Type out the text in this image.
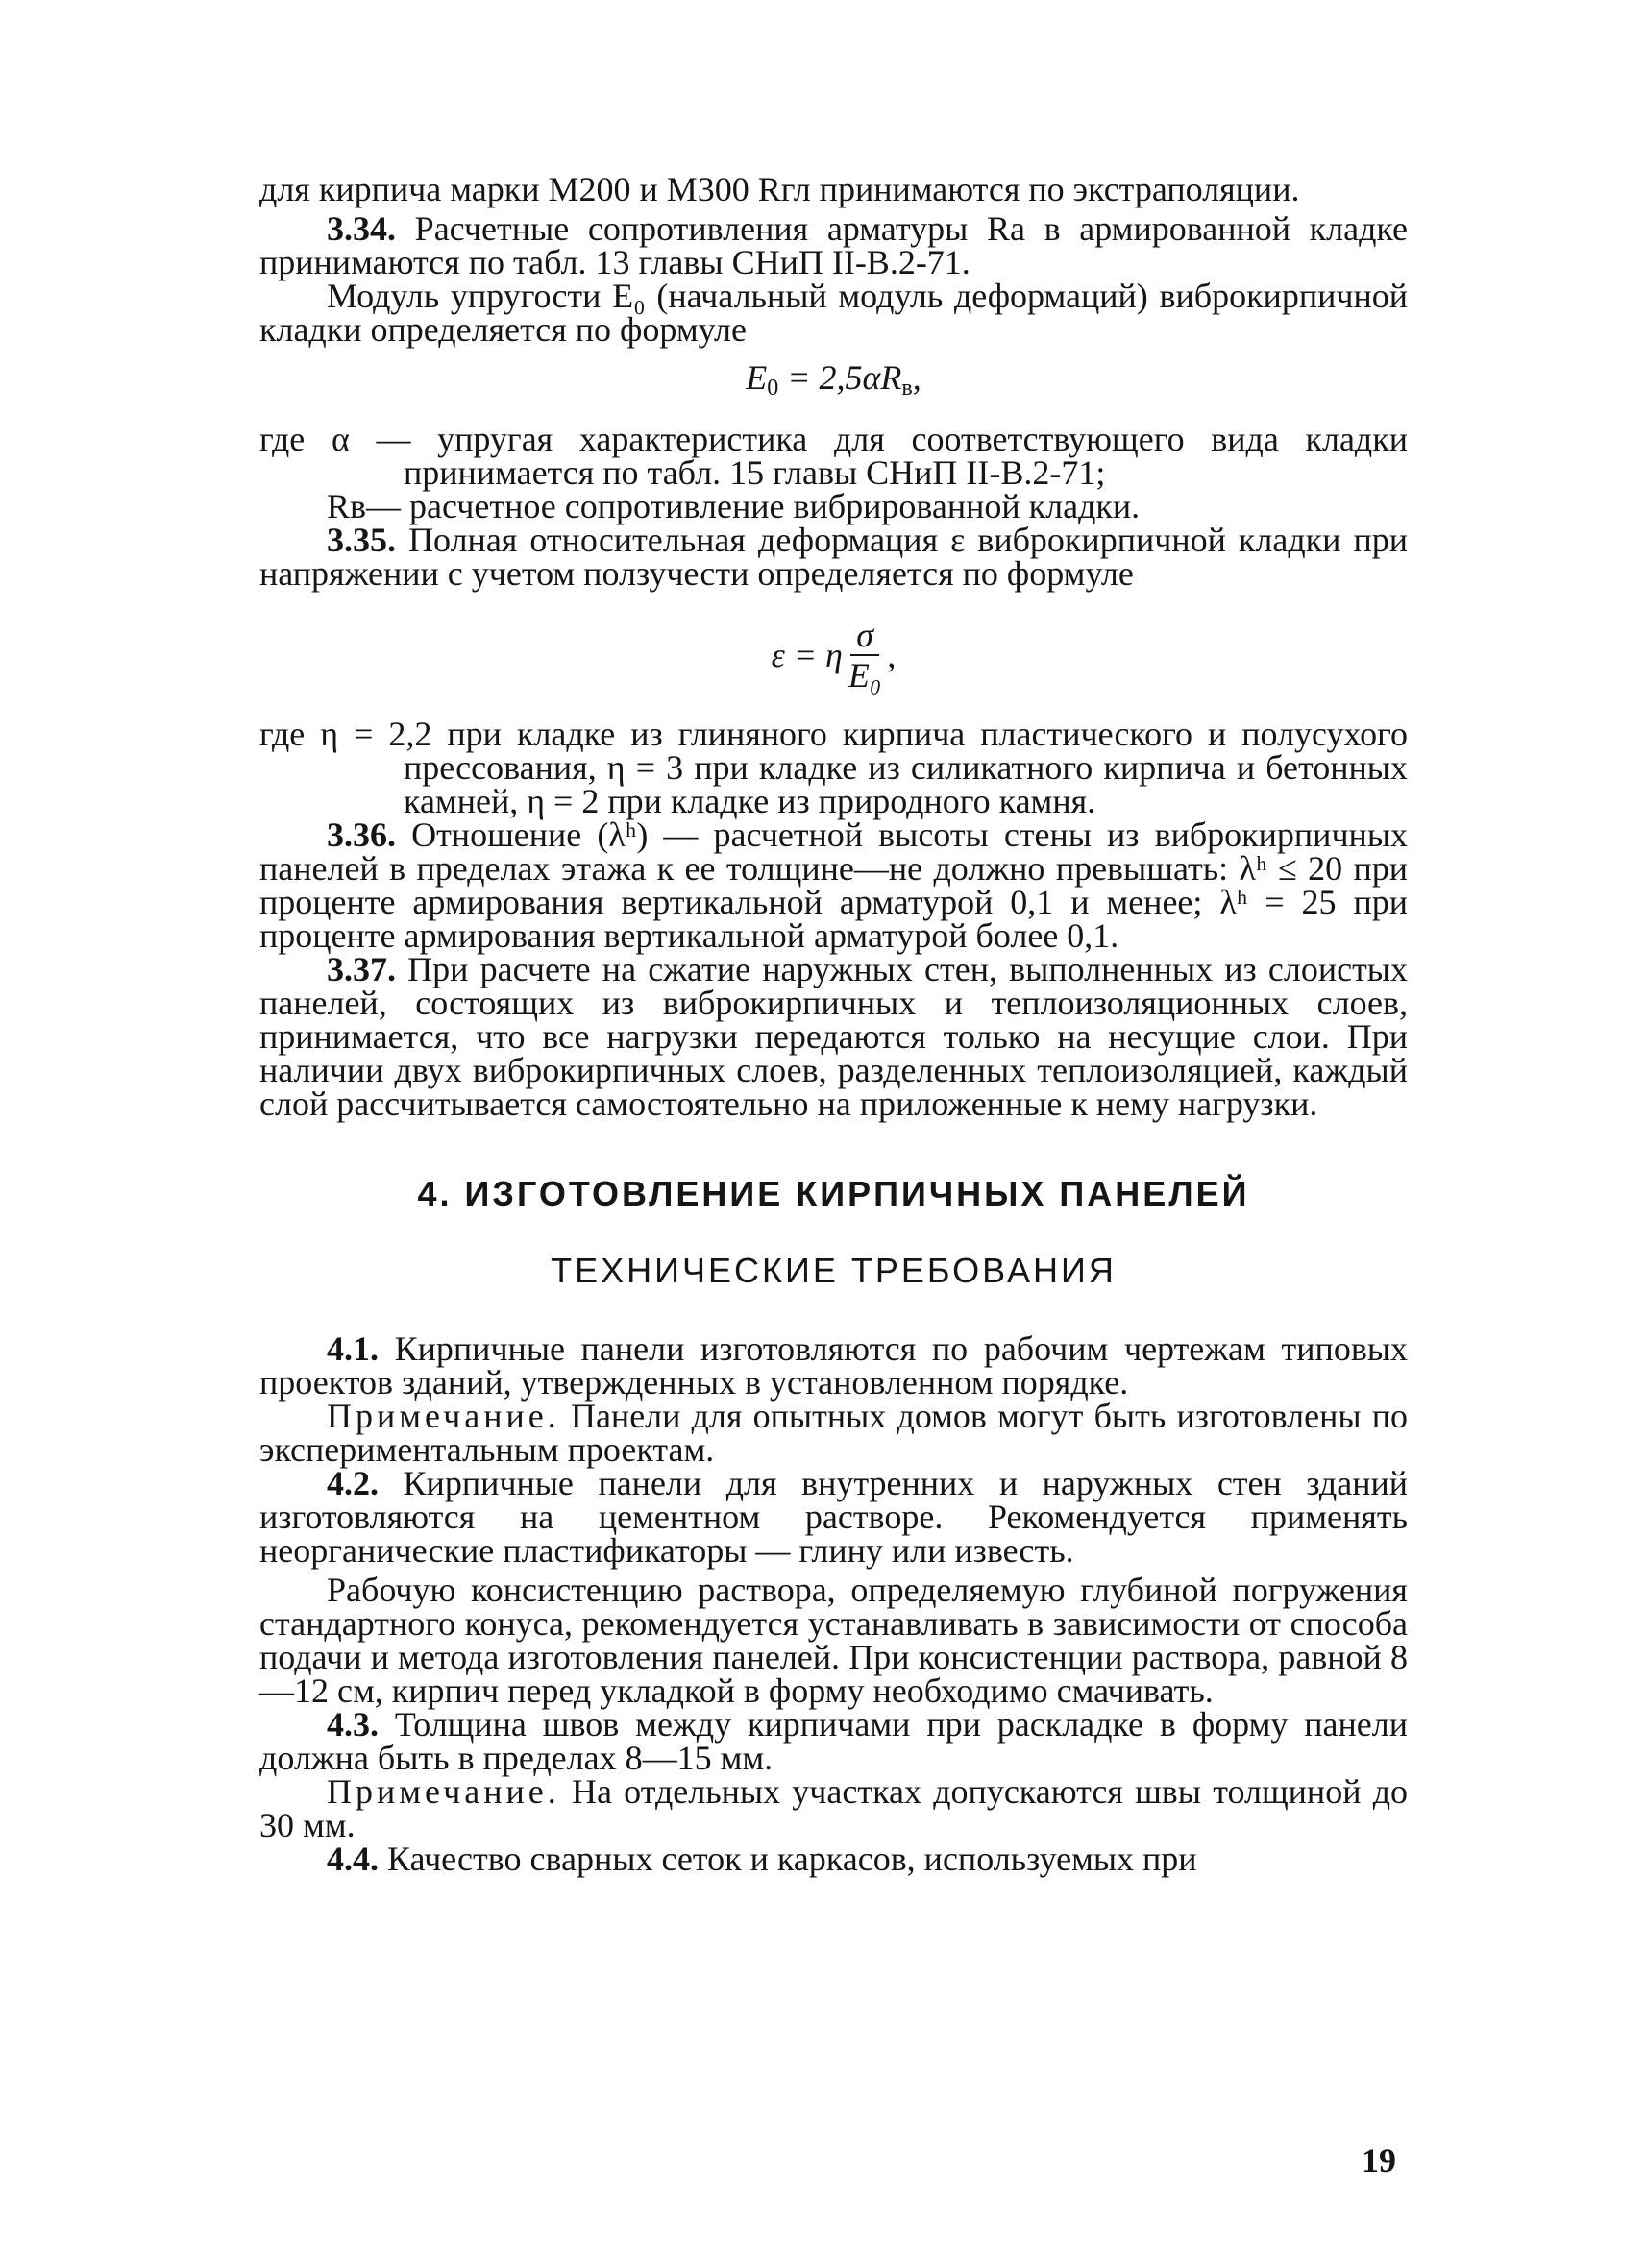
для кирпича марки М200 и М300 Rгл принимаются по экстраполяции.

3.34. Расчетные сопротивления арматуры Ra в армированной кладке принимаются по табл. 13 главы СНиП II-В.2-71.

Модуль упругости E₀ (начальный модуль деформаций) виброкирпичной кладки определяется по формуле

$E_0 = 2,5\alpha R_в$,

где α — упругая характеристика для соответствующего вида кладки принимается по табл. 15 главы СНиП II-В.2-71;

Rв— расчетное сопротивление вибрированной кладки.

3.35. Полная относительная деформация ε виброкирпичной кладки при напряжении с учетом ползучести определяется по формуле

ε = η $\frac{\sigma}{\text{E₀}}$ ,

где η = 2,2 при кладке из глиняного кирпича пластического и полусухого прессования, η = 3 при кладке из силикатного кирпича и бетонных камней, η = 2 при кладке из природного камня.

3.36. Отношение (λʰ) — расчетной высоты стены из виброкирпичных панелей в пределах этажа к ее толщине—не должно превышать: λʰ ≤ 20 при проценте армирования вертикальной арматурой 0,1 и менее; λʰ = 25 при проценте армирования вертикальной арматурой более 0,1.

3.37. При расчете на сжатие наружных стен, выполненных из слоистых панелей, состоящих из виброкирпичных и теплоизоляционных слоев, принимается, что все нагрузки передаются только на несущие слои. При наличии двух виброкирпичных слоев, разделенных теплоизоляцией, каждый слой рассчитывается самостоятельно на приложенные к нему нагрузки.

4. ИЗГОТОВЛЕНИЕ КИРПИЧНЫХ ПАНЕЛЕЙ
ТЕХНИЧЕСКИЕ ТРЕБОВАНИЯ

4.1. Кирпичные панели изготовляются по рабочим чертежам типовых проектов зданий, утвержденных в установленном порядке.

Примечание. Панели для опытных домов могут быть изготовлены по экспериментальным проектам.

4.2. Кирпичные панели для внутренних и наружных стен зданий изготовляются на цементном растворе. Рекомендуется применять неорганические пластификаторы — глину или известь.

Рабочую консистенцию раствора, определяемую глубиной погружения стандартного конуса, рекомендуется устанавливать в зависимости от способа подачи и метода изготовления панелей. При консистенции раствора, равной 8—12 см, кирпич перед укладкой в форму необходимо смачивать.

4.3. Толщина швов между кирпичами при раскладке в форму панели должна быть в пределах 8—15 мм.

Примечание. На отдельных участках допускаются швы толщиной до 30 мм.

4.4. Качество сварных сеток и каркасов, используемых при

19
